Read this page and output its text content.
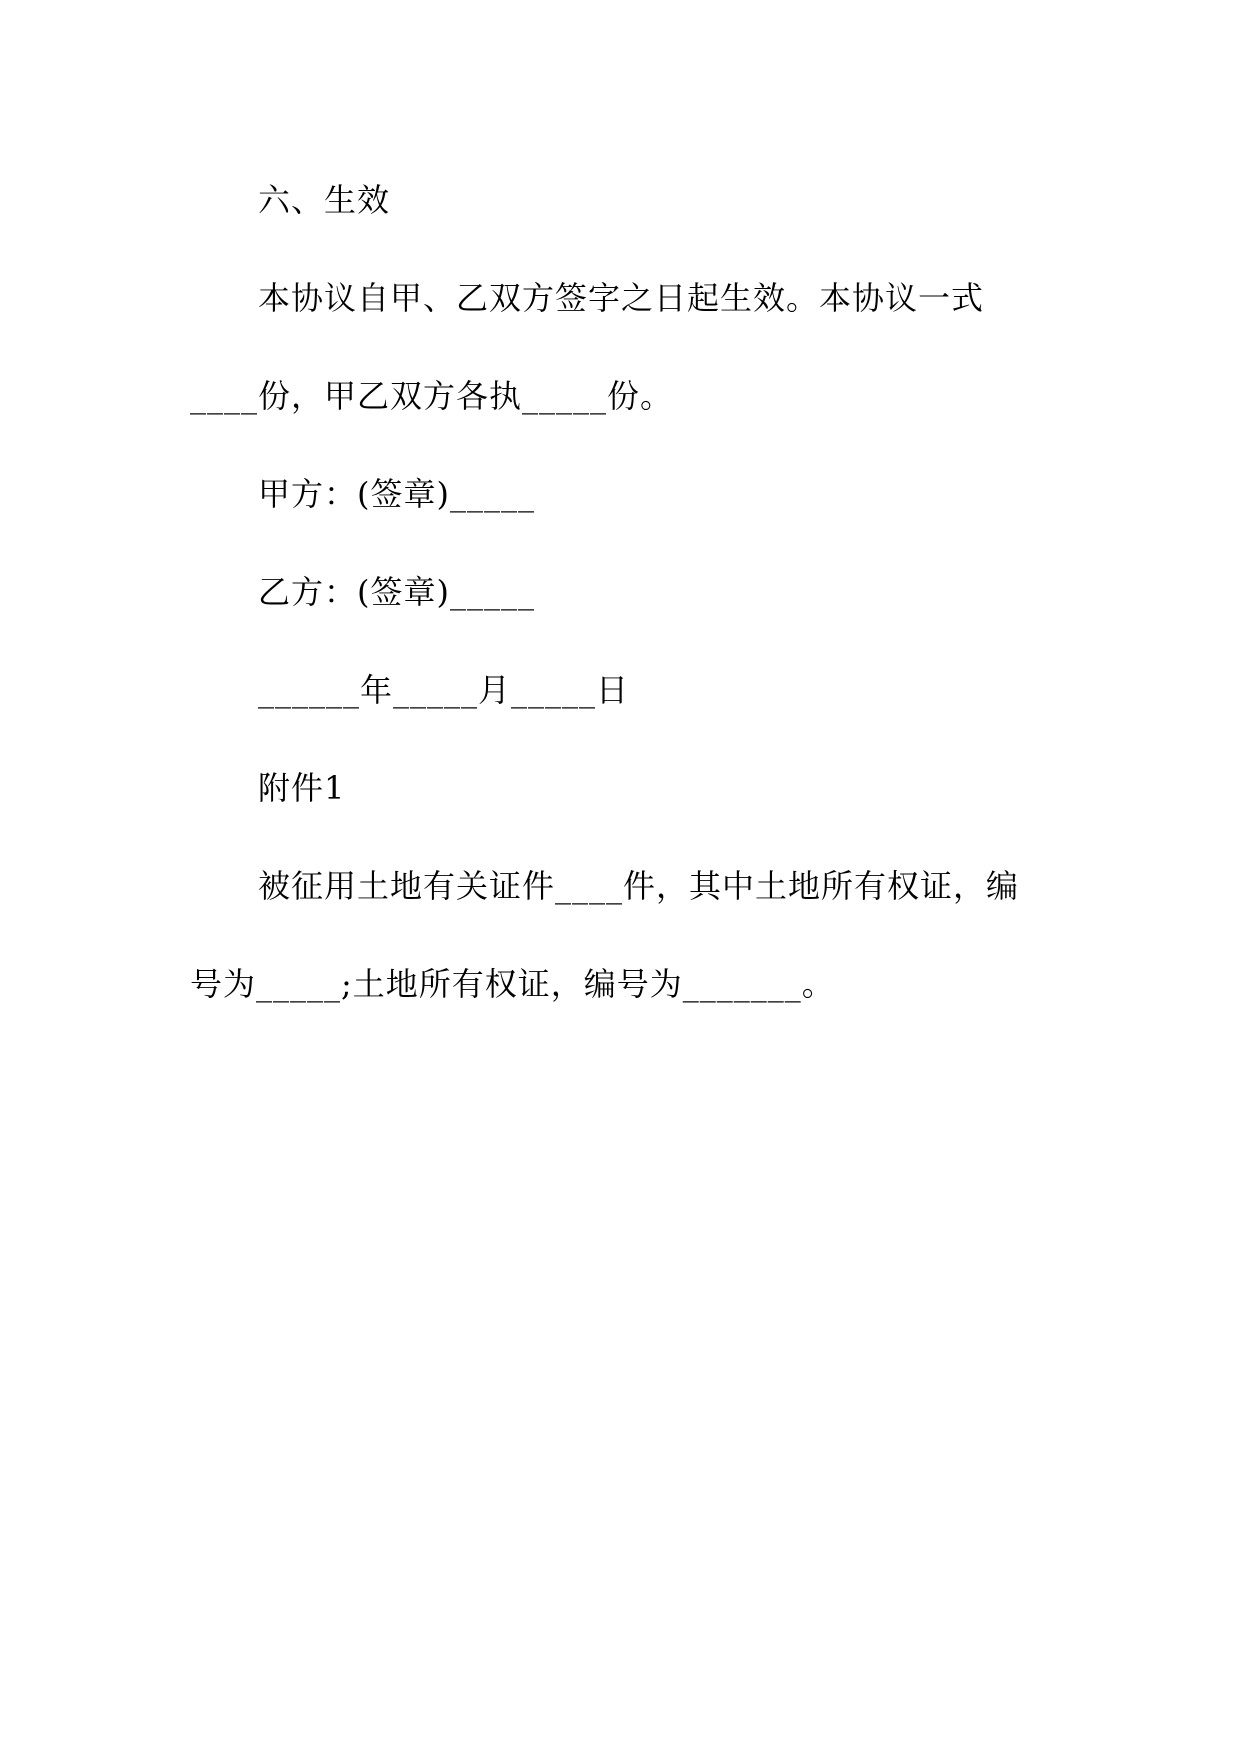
六、生效
本协议自甲、乙双方签字之日起生效。本协议一式
____份，甲乙双方各执_____份。
甲方：(签章)_____
乙方：(签章)_____
______年_____月_____日
附件1
被征用土地有关证件____件，其中土地所有权证，编
号为_____;土地所有权证，编号为_______。
